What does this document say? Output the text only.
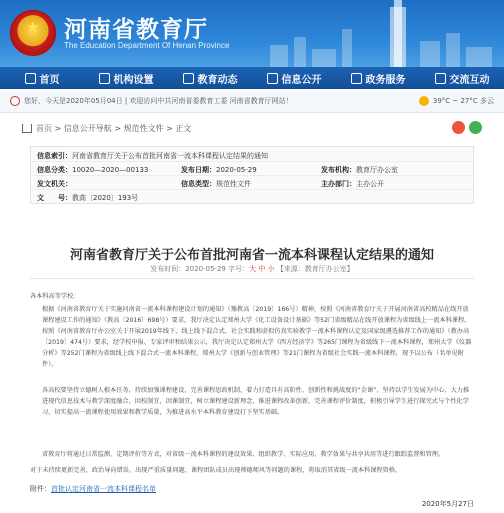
★	河南省教育厅
The Education Department Of Henan Province
首页	机构设置	教育动态	信息公开	政务服务	交流互动
您好，今天是2020年05月04日 | 欢迎访问中共河南省委教育工委 河南省教育厅网站！	39°C ~ 27°C 多云
首页 > 信息公开导航 > 规范性文件 > 正文
信息索引：河南省教育厅关于公布首批河南省一流本科课程认定结果的通知
信息分类：10020—2020—00133	发布日期：2020-05-29	发布机构：教育厅办公室
发文机关：	信息类型：规范性文件	主办部门：主办公开
文　　号：教高〔2020〕193号
河南省教育厅关于公布首批河南省一流本科课程认定结果的通知
发布时间：2020-05-29 字号：大 中 小 【来源：教育厅办公室】
各本科高等学校：
根据《河南省教育厅关于实施河南省一流本科课程建设计划的通知》（豫教高〔2019〕166号）精神，按照《河南省教育厅关于开展河南省高校精品在线开放课程建设工作的通知》（教高〔2016〕698号）要求，我厅决定认定郑州大学《化工设备设计基础》等52门省级精品在线开放课程为省级线上一流本科课程。按照《河南省教育厅办公室关于开展2019年线下、线上线下混合式、社会实践和虚拟仿真实验教学一流本科课程认定及国家级遴选推荐工作的通知》（教办高〔2019〕474号）要求，经学校申报、专家评审和结果公示，我厅决定认定郑州大学《西方经济学》等265门课程为省级线下一流本科课程，郑州大学《仪器分析》等252门课程为省级线上线下混合式一流本科课程，郑州大学《创新与创业管理》等21门课程为省级社会实践一流本科课程，现予以公布（名单见附件）。
各高校要坚持立德树人根本任务，持续加强课程建设，完善课程思政机制，着力打造具有高阶性、创新性和挑战度的“金课”。坚持以学生发展为中心，大力推进现代信息技术与教学深度融合，因校制宜，因课制宜，树立课程建设新理念，推进课程改革创新，完善课程评价制度，积极引导学生进行探究式与个性化学习，切实提高一流课程使用效果和教学质量，为推进高水平本科教育建设打下坚实基础。
省教育厅将通过日常监测、定期评价等方式，对省级一流本科课程的建设效果、组织教学、实际应用、教学效果与共享共用等进行跟踪监督和管理。
对于未持续更新完善、政治导向错误、出现严重质量问题、课程团队成员出现师德师风等问题的课程，将取消其省级一流本科课程资格。
附件：首批认定河南省一流本科课程名单
2020年5月27日
